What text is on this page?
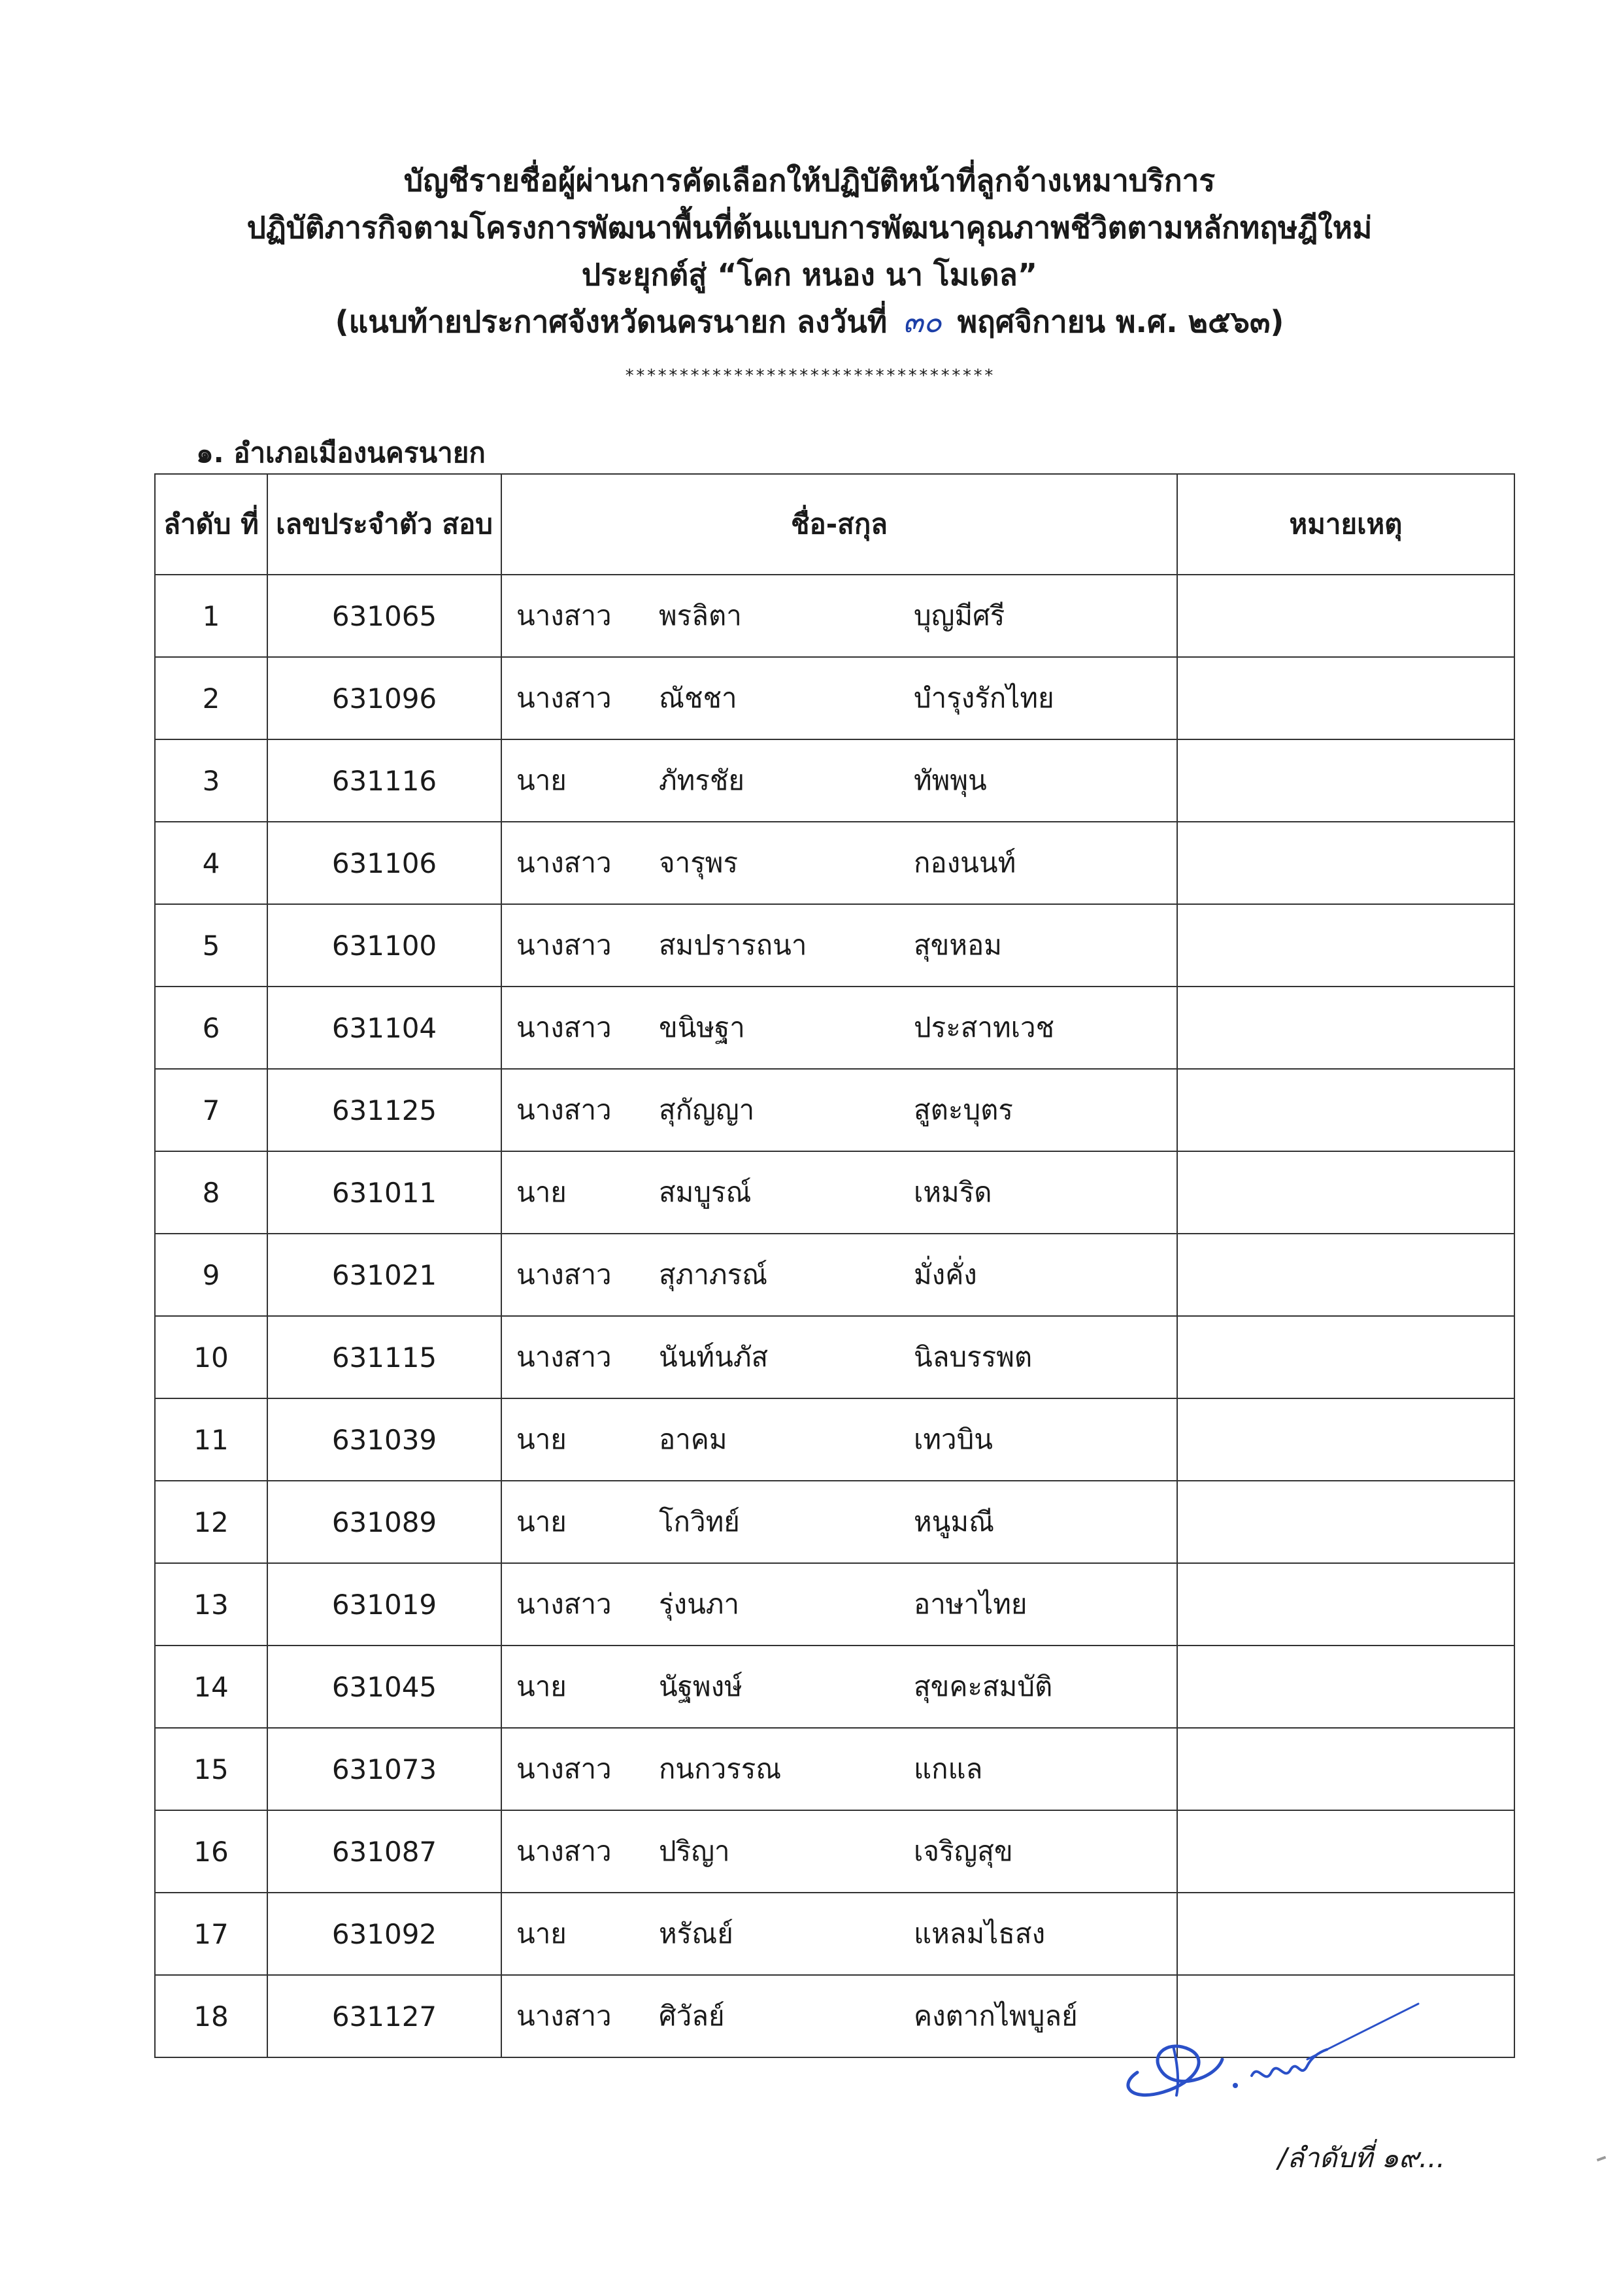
บัญชีรายชื่อผู้ผ่านการคัดเลือกให้ปฏิบัติหน้าที่ลูกจ้างเหมาบริการ
ปฏิบัติภารกิจตามโครงการพัฒนาพื้นที่ต้นแบบการพัฒนาคุณภาพชีวิตตามหลักทฤษฎีใหม่
ประยุกต์สู่ “โคก หนอง นา โมเดล”
(แนบท้ายประกาศจังหวัดนครนายก ลงวันที่ ๓๐ พฤศจิกายน พ.ศ. ๒๕๖๓)
**********************************
๑. อำเภอเมืองนครนายก
ลำดับ ที่	เลขประจำตัว สอบ	ชื่อ-สกุล	หมายเหตุ
1	631065	นางสาว พรลิตา บุญมีศรี	

2	631096	นางสาว ณัชชา บำรุงรักไทย	

3	631116	นาย ภัทรชัย ทัพพุน	

4	631106	นางสาว จารุพร กองนนท์	

5	631100	นางสาว สมปรารถนา สุขหอม	

6	631104	นางสาว ขนิษฐา ประสาทเวช	

7	631125	นางสาว สุกัญญา สูตะบุตร	

8	631011	นาย สมบูรณ์ เหมริด	

9	631021	นางสาว สุภาภรณ์ มั่งคั่ง	

10	631115	นางสาว นันท์นภัส นิลบรรพต	

11	631039	นาย อาคม เทวบิน	

12	631089	นาย โกวิทย์ หนูมณี	

13	631019	นางสาว รุ่งนภา อาษาไทย	

14	631045	นาย นัฐพงษ์ สุขคะสมบัติ	

15	631073	นางสาว กนกวรรณ แกแล	

16	631087	นางสาว ปริญา เจริญสุข	

17	631092	นาย หรัณย์ แหลมไธสง	

18	631127	นางสาว ศิวัลย์ คงตากไพบูลย์	

/ลำดับที่ ๑๙...
